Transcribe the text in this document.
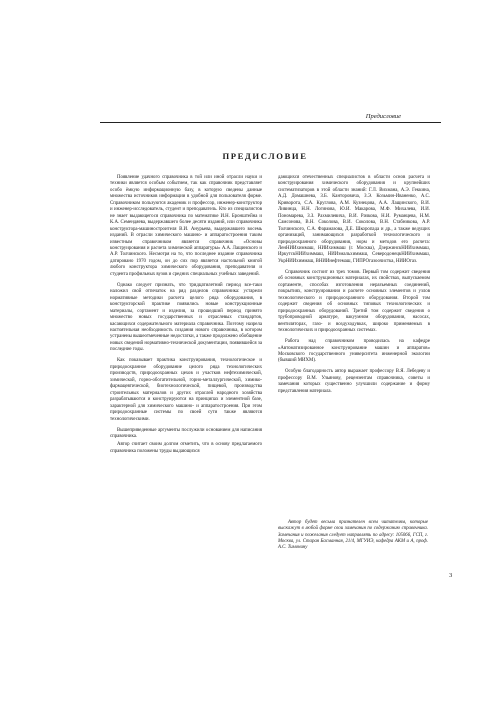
Предисловие
ПРЕДИСЛОВИЕ

Появление удачного справочника в той или иной отрасли науки и техники является особым событием, так как справочник представляет особо ёмкую информационную базу, в которую сведены данные множества источников информации в удобной для пользователя форме. Справочником пользуются академик и профессор, инженер-конструктор и инженер-исследователь, студент и преподаватель. Кто из специалистов не знает выдающегося справочника по математике И.Н. Бронштейна и К.А. Семендяева, выдержавшего более десяти изданий, или справочника конструктора-машиностроителя В.И. Анурьева, выдержавшего восемь изданий. В отрасли химического машино- и аппаратостроения таким известным справочником является справочник «Основы конструирования и расчета химической аппаратуры» А.А. Лащинского и А.Р. Толчинского. Несмотря на то, что последнее издание справочника датировано 1970 годом, он до сих пор является настольной книгой любого конструктора химического оборудования, преподавателя и студента профильных вузов и средних специальных учебных заведений.

Однако следует признать, что тридцатилетний период все-таки наложил свой отпечаток на ряд разделов справочника: устарели нормативные методики расчета целого ряда оборудования, в конструкторской практике появились новые конструкционные материалы, сортамент и изделия, за прошедший период принято множество новых государственных и отраслевых стандартов, касающихся содержательного материала справочника. Поэтому назрела настоятельная необходимость создания нового справочника, в котором устранены вышеотмеченные недостатки, а также продолжено обобщение новых сведений нормативно-технической документации, появившейся за последние годы.

Как показывает практика конструирования, технологическое и природоохранное оборудование целого ряда технологических производств, природоохранных цехов и участков нефтехимической, химической, горно-обогатительной, горно-металлургической, химико-фармацевтической, биотехнологической, пищевой, производства строительных материалов и других отраслей народного хозяйства разрабатываются и конструируются на принципах и элементной базе, характерной для химического машино- и аппаратостроения. При этом природоохранные системы по своей сути также являются технологическими.

Вышеприведенные аргументы послужили основанием для написания справочника.

Автор считает своим долгом отметить, что в основу предлагаемого справочника положены труды выдающихся

дающихся отечественных специалистов в области основ расчета и конструирования химического оборудования и крупнейших систематизаторов в этой области знаний: Г.Л. Вихмана, А.Э. Геккина, А.Д. Домашнева, З.Б. Канторовича, З.Э. Козьмин-Иваненко, А.С. Криворота, С.А. Круглова, А.М. Кузнецова, А.А. Лащинского, В.И. Ливинца, Н.Н. Логинова, Ю.И. Макарова, М.Ф. Михалева, И.И. Пономарева, З.З. Рахмилевича, В.И. Рачкова, Н.И. Руманцева, Н.М. Самсонова, В.Н. Соколова, В.И. Соколова, В.Н. Стабникова, А.Р. Толчинского, С.А. Фарамазова, Д.Е. Шкоропада и др., а также ведущих организаций, занимающихся разработкой технологического и природоохранного оборудования, норм и методов его расчета: ЛенНИИхиммаш, НИИхиммаш (г. Москва), ДзержинскНИИхиммаш, ИркутскНИИхиммаш, НИИэмальхиммаш, СеверодонецкНИИхиммаш, УкрНИИхиммаш, ВНИИнефтемаш, ГИПРОгазоочистка, НИИОгаз.

Справочник состоит из трех томов. Первый том содержит сведения об основных конструкционных материалах, их свойствах, выпускаемом сортаменте, способах изготовления неразъемных соединений, покрытиях, конструировании и расчете основных элементов и узлов технологического и природоохранного оборудования. Второй том содержит сведения об основных типовых технологических и природоохранных оборудований. Третий том содержит сведения о трубопроводной арматуре, вакуумном оборудовании, насосах, вентиляторах, газо- и воздуходувках, широко применяемых в технологических и природоохранных системах.

Работа над справочником проводилась на кафедре «Автоматизированное конструирование машин и аппаратов» Московского государственного университета инженерной экологии (бывший МИХМ).

Особую благодарность автор выражает профессору В.Я. Лебедеву и профессору В.М. Ульянову, рецензентам справочника, советы и замечания которых существенно улучшили содержание и форму представления материала.

Автор будет весьма признателен всем читателям, которые выскажут в любой форме свои замечания по содержанию справочника. Замечания и пожелания следует направлять по адресу: 105066, ГСП, г. Москва, ул. Старая Басманная, 21/4, МГУИЭ, кафедра АКМ и А, проф. А.С. Тимонину
3
